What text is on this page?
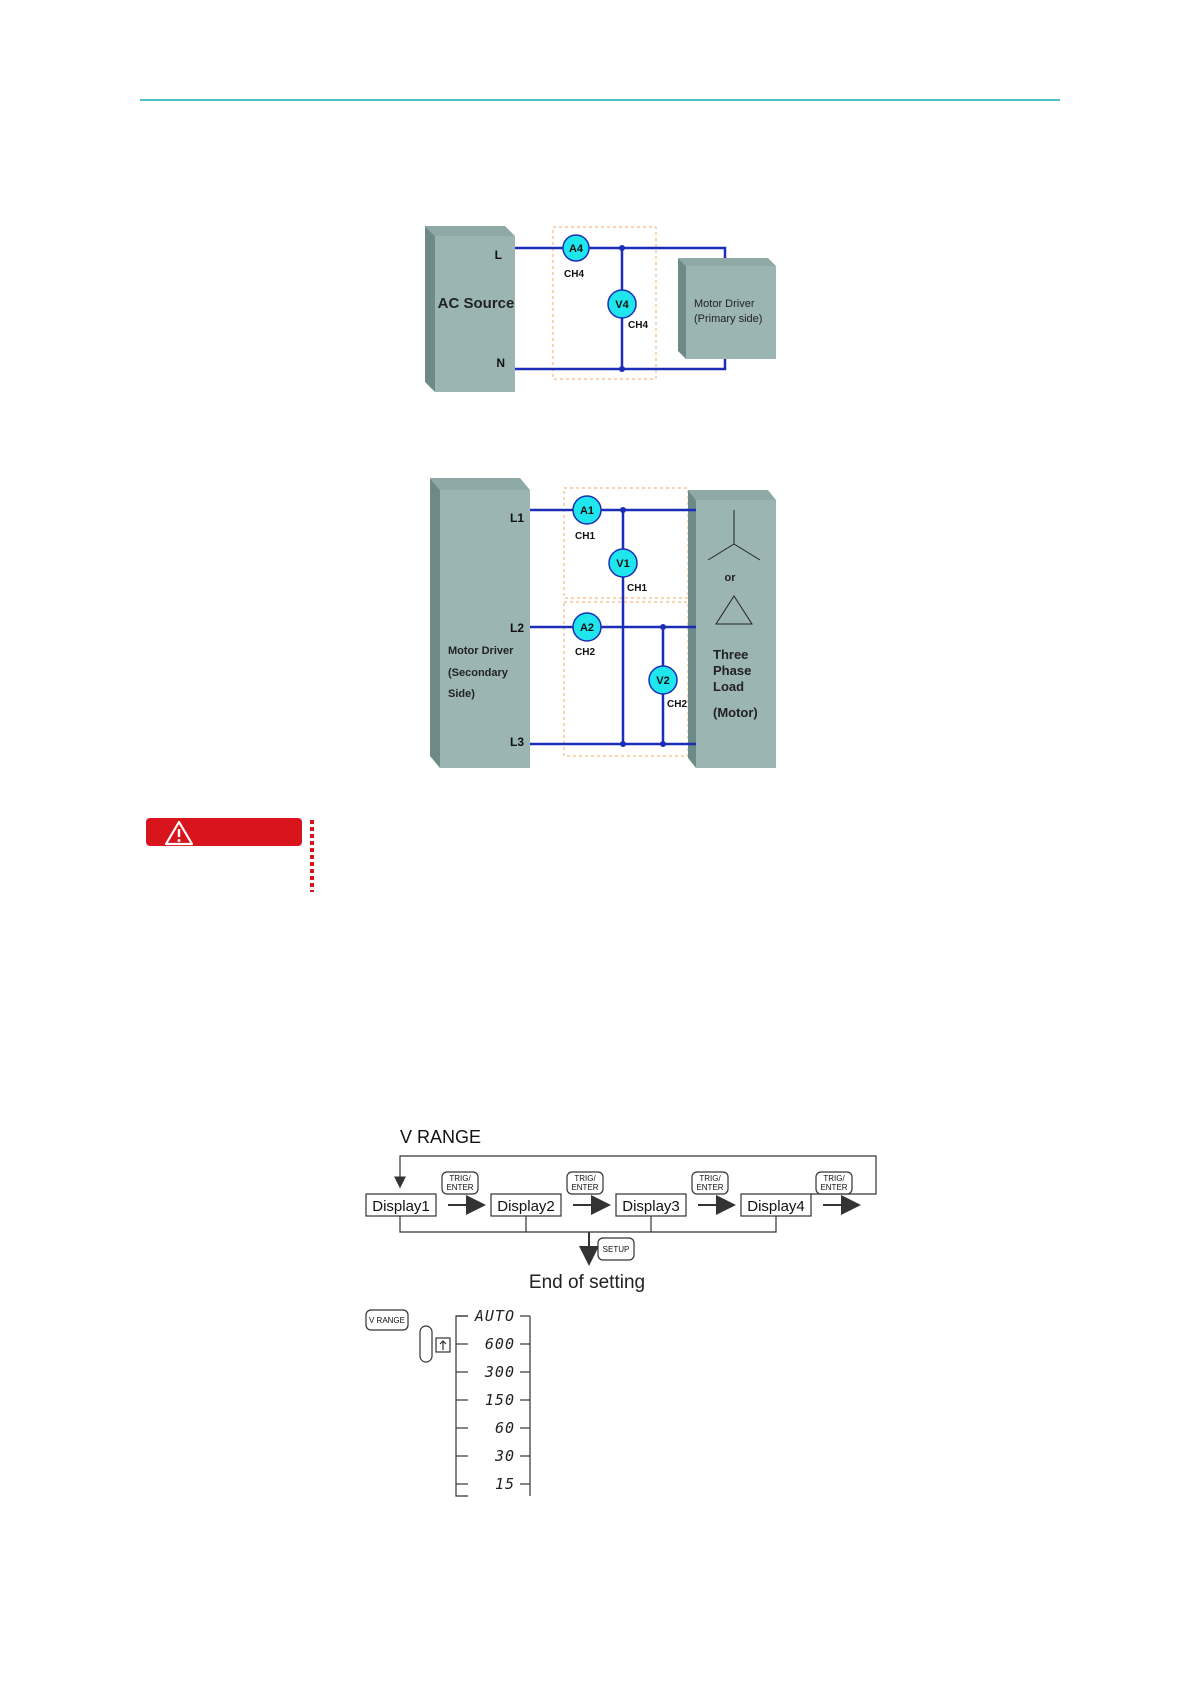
AC Source
L
N
A4
CH4
V4
CH4
Motor Driver
(Primary side)
Motor Driver
(Secondary
Side)
L1
L2
L3
or
Three
Phase
Load
(Motor)
A1
CH1
V1
CH1
A2
CH2
V2
CH2
V RANGE
Display1	Display2	Display3	Display4
TRIG/
ENTER
TRIG/
ENTER
TRIG/
ENTER
TRIG/
ENTER
SETUP
End of setting
V RANGE	AUTO
600
300
150
60
30
15
